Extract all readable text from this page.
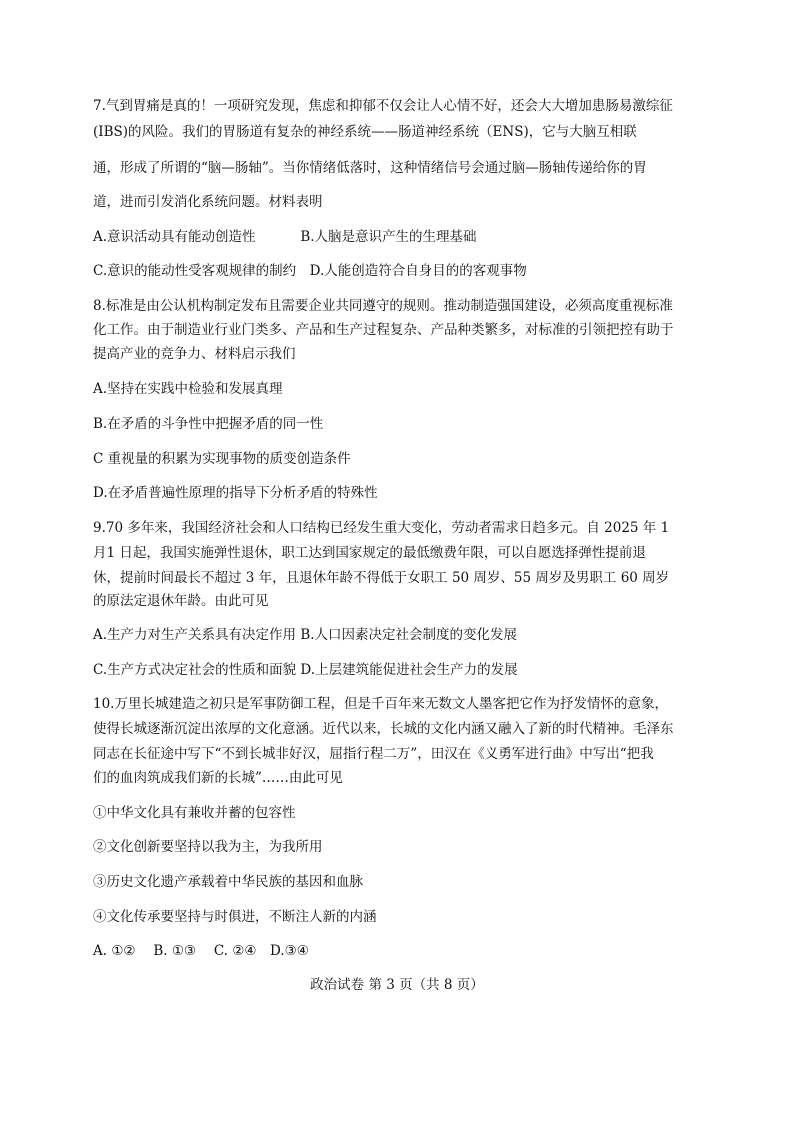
7.气到胃痛是真的！一项研究发现，焦虑和抑郁不仅会让人心情不好，还会大大增加患肠易激综征
(IBS)的风险。我们的胃肠道有复杂的神经系统——肠道神经系统（ENS)，它与大脑互相联
通，形成了所谓的“脑—肠轴”。当你情绪低落时，这种情绪信号会通过脑—肠轴传递给你的胃
道，进而引发消化系统问题。材料表明
A.意识活动具有能动创造性　　　 B.人脑是意识产生的生理基础
C.意识的能动性受客观规律的制约　D.人能创造符合自身目的的客观事物
8.标准是由公认机构制定发布且需要企业共同遵守的规则。推动制造强国建设，必须高度重视标准
化工作。由于制造业行业门类多、产品和生产过程复杂、产品种类繁多，对标准的引领把控有助于
提高产业的竞争力、材料启示我们
A.坚持在实践中检验和发展真理
B.在矛盾的斗争性中把握矛盾的同一性
C 重视量的积累为实现事物的质变创造条件
D.在矛盾普遍性原理的指导下分析矛盾的特殊性
9.70 多年来，我国经济社会和人口结构已经发生重大变化，劳动者需求日趋多元。自 2025 年 1
月1 日起，我国实施弹性退休，职工达到国家规定的最低缴费年限，可以自愿选择弹性提前退
休，提前时间最长不超过 3 年，且退休年龄不得低于女职工 50 周岁、55 周岁及男职工 60 周岁
的原法定退休年龄。由此可见
A.生产力对生产关系具有决定作用 B.人口因素决定社会制度的变化发展
C.生产方式决定社会的性质和面貌 D.上层建筑能促进社会生产力的发展
10.万里长城建造之初只是军事防御工程，但是千百年来无数文人墨客把它作为抒发情怀的意象，
使得长城逐渐沉淀出浓厚的文化意涵。近代以来，长城的文化内涵又融入了新的时代精神。毛泽东
同志在长征途中写下“不到长城非好汉，屈指行程二万”，田汉在《义勇军进行曲》中写出“把我
们的血肉筑成我们新的长城”……由此可见
①中华文化具有兼收并蓄的包容性
②文化创新要坚持以我为主，为我所用
③历史文化遗产承载着中华民族的基因和血脉
④文化传承要坚持与时俱进，不断注人新的内涵
A. ①②　 B. ①③　 C. ②④　D.③④
政治试卷 第 3 页（共 8 页）
